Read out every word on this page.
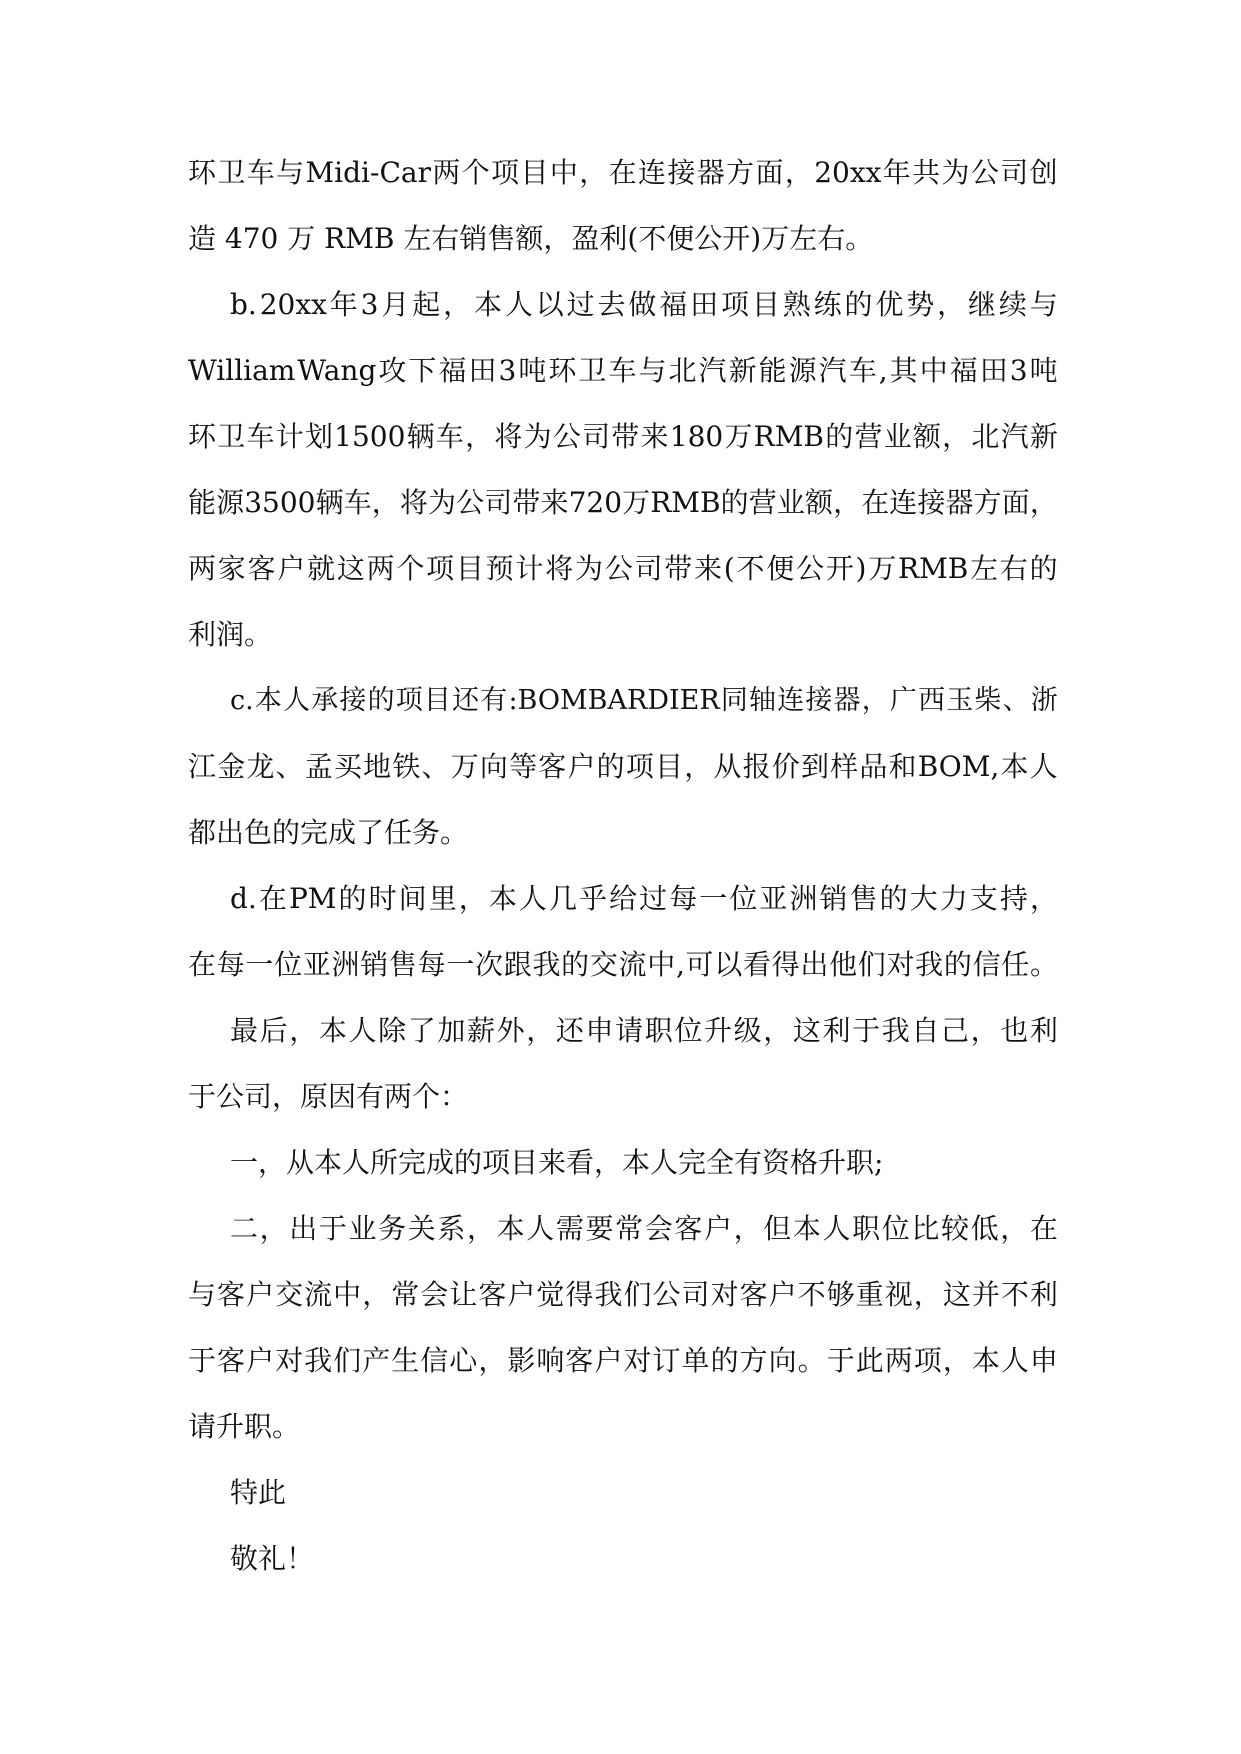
环 卫 车 与 Midi-Car 两 个 项 目 中 ， 在 连 接 器 方 面 ， 20xx 年 共 为 公 司 创
造 470 万 RMB 左右销售额，盈利(不便公开)万左右。
b. 20xx 年 3 月 起 ， 本 人 以 过 去 做 福 田 项 目 熟 练 的 优 势 ， 继 续 与
William Wang 攻 下 福 田 3 吨 环 卫 车 与 北 汽 新 能 源 汽 车 , 其 中 福 田 3 吨
环 卫 车 计 划 1500 辆 车 ， 将 为 公 司 带 来 180 万 RMB 的 营 业 额 ， 北 汽 新
能 源 3500 辆 车 ， 将 为 公 司 带 来 720 万 RMB 的 营 业 额 ， 在 连 接 器 方 面 ，
两 家 客 户 就 这 两 个 项 目 预 计 将 为 公 司 带 来 ( 不 便 公 开 ) 万 RMB 左 右 的
利润。
c. 本 人 承 接 的 项 目 还 有 :BOMBARDIER 同 轴 连 接 器 ， 广 西 玉 柴 、 浙
江 金 龙 、 孟 买 地 铁 、 万 向 等 客 户 的 项 目 ， 从 报 价 到 样 品 和 BOM, 本 人
都出色的完成了任务。
d. 在 PM 的 时 间 里 ， 本 人 几 乎 给 过 每 一 位 亚 洲 销 售 的 大 力 支 持 ，
在 每 一 位 亚 洲 销 售 每 一 次 跟 我 的 交 流 中 , 可 以 看 得 出 他 们 对 我 的 信 任 。
最 后 ， 本 人 除 了 加 薪 外 ， 还 申 请 职 位 升 级 ， 这 利 于 我 自 己 ， 也 利
于公司，原因有两个：
一，从本人所完成的项目来看，本人完全有资格升职;
二 ， 出 于 业 务 关 系 ， 本 人 需 要 常 会 客 户 ， 但 本 人 职 位 比 较 低 ， 在
与 客 户 交 流 中 ， 常 会 让 客 户 觉 得 我 们 公 司 对 客 户 不 够 重 视 ， 这 并 不 利
于 客 户 对 我 们 产 生 信 心 ， 影 响 客 户 对 订 单 的 方 向 。 于 此 两 项 ， 本 人 申
请升职。
特此
敬礼！
